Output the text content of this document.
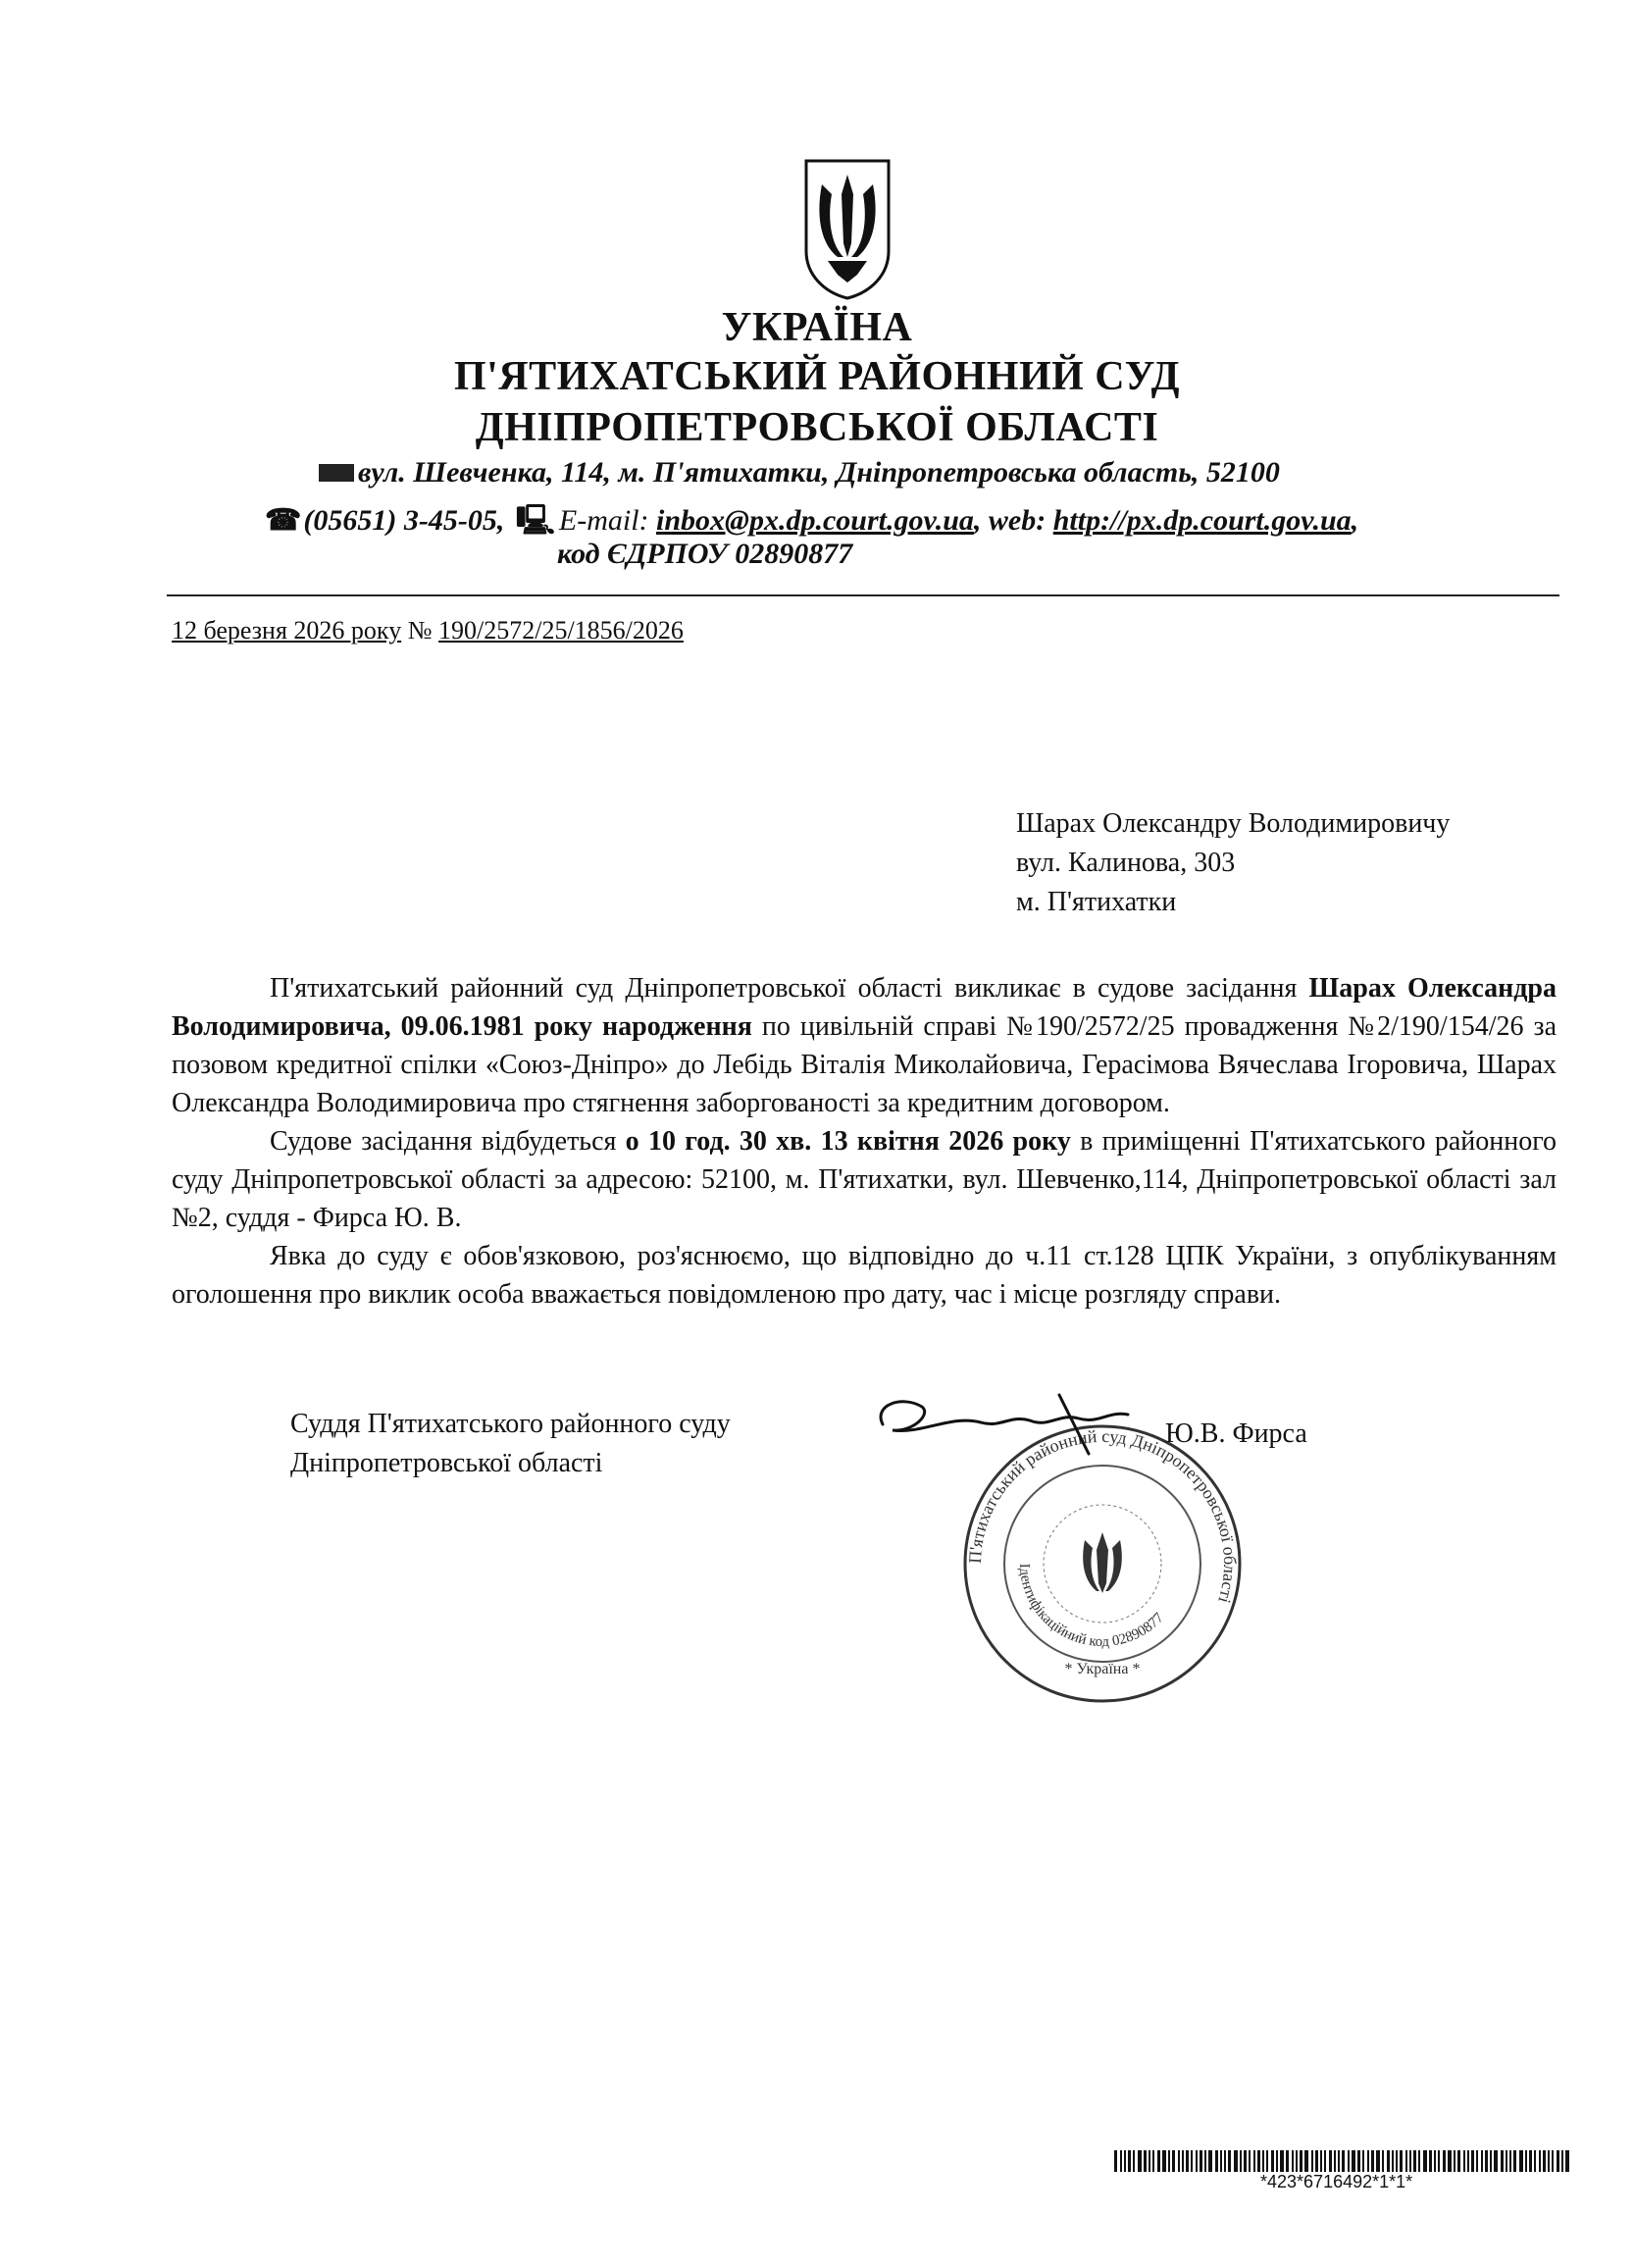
УКРАЇНА
П'ЯТИХАТСЬКИЙ РАЙОННИЙ СУД
ДНІПРОПЕТРОВСЬКОЇ ОБЛАСТІ
вул. Шевченка, 114, м. П'ятихатки, Дніпропетровська область, 52100
☎(05651) 3-45-05, 🖳 E-mail: inbox@px.dp.court.gov.ua, web: http://px.dp.court.gov.ua,
код ЄДРПОУ 02890877
12 березня 2026 року № 190/2572/25/1856/2026
Шарах Олександру Володимировичу
вул. Калинова, 303
м. П'ятихатки

П'ятихатський районний суд Дніпропетровської області викликає в судове засідання Шарах Олександра Володимировича, 09.06.1981 року народження по цивільній справі №190/2572/25 провадження №2/190/154/26 за позовом кредитної спілки «Союз-Дніпро» до Лебідь Віталія Миколайовича, Герасімова Вячеслава Ігоровича, Шарах Олександра Володимировича про стягнення заборгованості за кредитним договором.

Судове засідання відбудеться о 10 год. 30 хв. 13 квітня 2026 року в приміщенні П'ятихатського районного суду Дніпропетровської області за адресою: 52100, м. П'ятихатки, вул. Шевченко,114, Дніпропетровської області зал №2, суддя - Фирса Ю. В.

Явка до суду є обов'язковою, роз'яснюємо, що відповідно до ч.11 ст.128 ЦПК України, з опублікуванням оголошення про виклик особа вважається повідомленою про дату, час і місце розгляду справи.

Суддя П'ятихатського районного суду
Дніпропетровської області
П'ятихатський районний суд Дніпропетровської області
Ідентифікаційний код 02890877
* Україна *
Ю.В. Фирса
*423*6716492*1*1*
